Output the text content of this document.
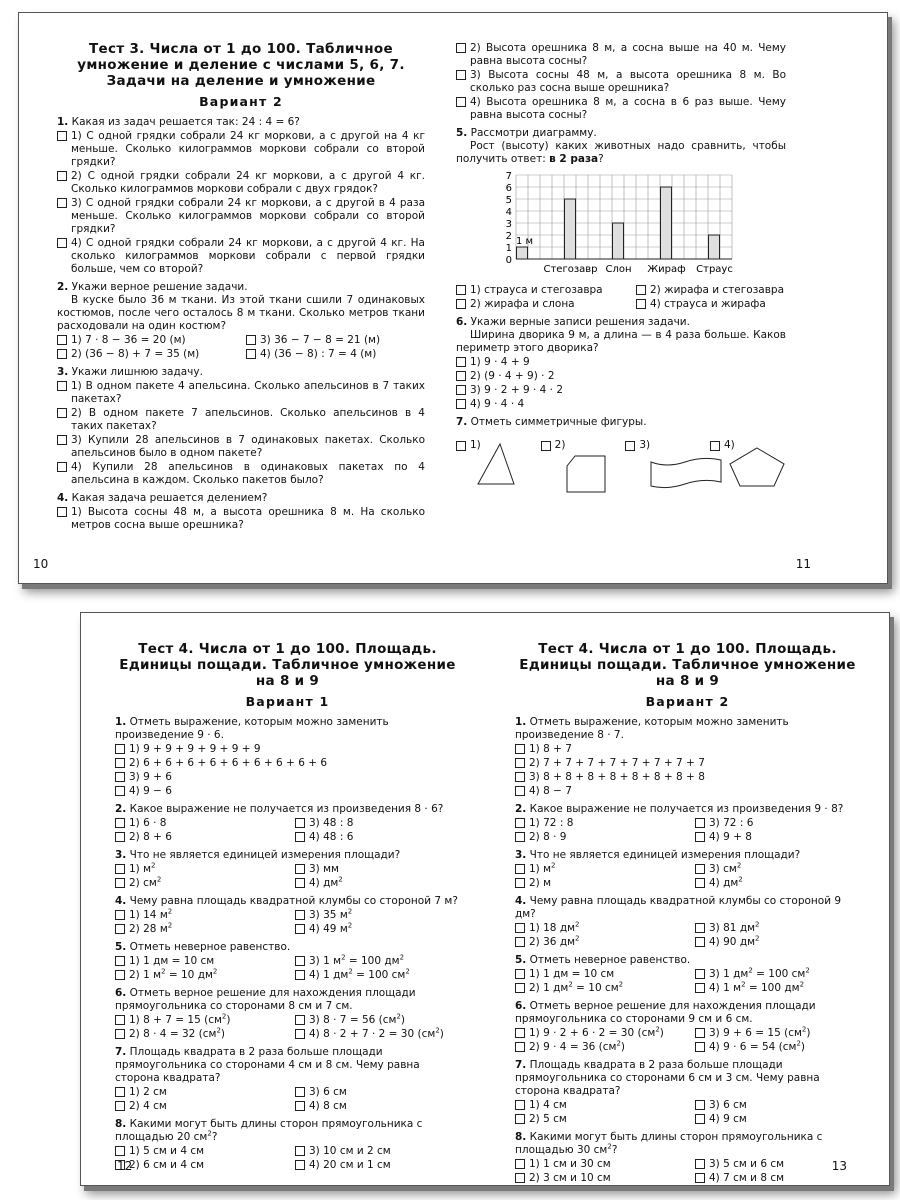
Тест 3. Числа от 1 до 100. Табличное
умножение и деление с числами 5, 6, 7.
Задачи на деление и умножение
Вариант 2
1. Какая из задач решается так: 24 : 4 = 6?
1) С одной грядки собрали 24 кг моркови, а с другой на 4 кг меньше. Сколько килограммов моркови собрали со второй грядки?
2) С одной грядки собрали 24 кг моркови, а с другой 4 кг. Сколько килограммов моркови собрали с двух грядок?
3) С одной грядки собрали 24 кг моркови, а с другой в 4 раза меньше. Сколько килограммов моркови собрали со второй грядки?
4) С одной грядки собрали 24 кг моркови, а с другой 4 кг. На сколько килограммов моркови собрали с первой грядки больше, чем со второй?
2. Укажи верное решение задачи.
В куске было 36 м ткани. Из этой ткани сшили 7 одинаковых костюмов, после чего осталось 8 м ткани. Сколько метров ткани расходовали на один костюм?
1) 7 · 8 − 36 = 20 (м)	3) 36 − 7 − 8 = 21 (м)
2) (36 − 8) + 7 = 35 (м)	4) (36 − 8) : 7 = 4 (м)
3. Укажи лишнюю задачу.
1) В одном пакете 4 апельсина. Сколько апельсинов в 7 таких пакетах?
2) В одном пакете 7 апельсинов. Сколько апельсинов в 4 таких пакетах?
3) Купили 28 апельсинов в 7 одинаковых пакетах. Сколько апельсинов было в одном пакете?
4) Купили 28 апельсинов в одинаковых пакетах по 4 апельсина в каждом. Сколько пакетов было?
4. Какая задача решается делением?
1) Высота сосны 48 м, а высота орешника 8 м. На сколько метров сосна выше орешника?
10
2) Высота орешника 8 м, а сосна выше на 40 м. Чему равна высота сосны?
3) Высота сосны 48 м, а высота орешника 8 м. Во сколько раз сосна выше орешника?
4) Высота орешника 8 м, а сосна в 6 раз выше. Чему равна высота сосны?
5. Рассмотри диаграмму.
Рост (высоту) каких животных надо сравнить, чтобы получить ответ: в 2 раза?
0
1
2
3
4
5
6
7
Стегозавр Слон Жираф Страус
1 м
1) страуса и стегозавра	2) жирафа и стегозавра
2) жирафа и слона	4) страуса и жирафа
6. Укажи верные записи решения задачи.
Ширина дворика 9 м, а длина — в 4 раза больше. Каков периметр этого дворика?
1) 9 · 4 + 9
2) (9 · 4 + 9) · 2
3) 9 · 2 + 9 · 4 · 2
4) 9 · 4 · 4
7. Отметь симметричные фигуры.
1)	2)	3)	4)
11
Тест 4. Числа от 1 до 100. Площадь.
Единицы пощади. Табличное умножение
на 8 и 9
Вариант 1
1. Отметь выражение, которым можно заменить произведение 9 · 6.
1) 9 + 9 + 9 + 9 + 9 + 9
2) 6 + 6 + 6 + 6 + 6 + 6 + 6 + 6 + 6
3) 9 + 6
4) 9 − 6
2. Какое выражение не получается из произведения 8 · 6?
1) 6 · 8	3) 48 : 8
2) 8 + 6	4) 48 : 6
3. Что не является единицей измерения площади?
1) $м^2$	3) мм
2) $см^2$	4) $дм^2$
4. Чему равна площадь квадратной клумбы со стороной 7 м?
1) 14 $м^2$	3) 35 $м^2$
2) 28 $м^2$	4) 49 $м^2$
5. Отметь неверное равенство.
1) 1 дм = 10 см	3) 1 $м^2 = 100$ $дм^2$
2) 1 $м^2 = 10$ $дм^2$	4) 1 $дм^2 = 100$ $см^2$
6. Отметь верное решение для нахождения площади прямоугольника со сторонами 8 см и 7 см.
1) 8 + 7 = 15 $(см^2)$	3) 8 · 7 = 56 $(см^2)$
2) 8 · 4 = 32 $(см^2)$	4) 8 · 2 + 7 · 2 = 30 $(см^2)$
7. Площадь квадрата в 2 раза больше площади прямоугольника со сторонами 4 см и 8 см. Чему равна сторона квадрата?
1) 2 см	3) 6 см
2) 4 см	4) 8 см
8. Какими могут быть длины сторон прямоугольника с площадью 20 $см^2$?
1) 5 см и 4 см	3) 10 см и 2 см
2) 6 см и 4 см	4) 20 см и 1 см
12
Тест 4. Числа от 1 до 100. Площадь.
Единицы пощади. Табличное умножение
на 8 и 9
Вариант 2
1. Отметь выражение, которым можно заменить произведение 8 · 7.
1) 8 + 7
2) 7 + 7 + 7 + 7 + 7 + 7 + 7 + 7
3) 8 + 8 + 8 + 8 + 8 + 8 + 8 + 8
4) 8 − 7
2. Какое выражение не получается из произведения 9 · 8?
1) 72 : 8	3) 72 : 6
2) 8 · 9	4) 9 + 8
3. Что не является единицей измерения площади?
1) $м^2$	3) $см^2$
2) м	4) $дм^2$
4. Чему равна площадь квадратной клумбы со стороной 9 дм?
1) 18 $дм^2$	3) 81 $дм^2$
2) 36 $дм^2$	4) 90 $дм^2$
5. Отметь неверное равенство.
1) 1 дм = 10 см	3) 1 $дм^2 = 100$ $см^2$
2) 1 $дм^2 = 10$ $см^2$	4) 1 $м^2 = 100$ $дм^2$
6. Отметь верное решение для нахождения площади прямоугольника со сторонами 9 см и 6 см.
1) 9 · 2 + 6 · 2 = 30 $(см^2)$	3) 9 + 6 = 15 $(см^2)$
2) 9 · 4 = 36 $(см^2)$	4) 9 · 6 = 54 $(см^2)$
7. Площадь квадрата в 2 раза больше площади прямоугольника со сторонами 6 см и 3 см. Чему равна сторона квадрата?
1) 4 см	3) 6 см
2) 5 см	4) 9 см
8. Какими могут быть длины сторон прямоугольника с площадью 30 $см^2$?
1) 1 см и 30 см	3) 5 см и 6 см
2) 3 см и 10 см	4) 7 см и 8 см
13
